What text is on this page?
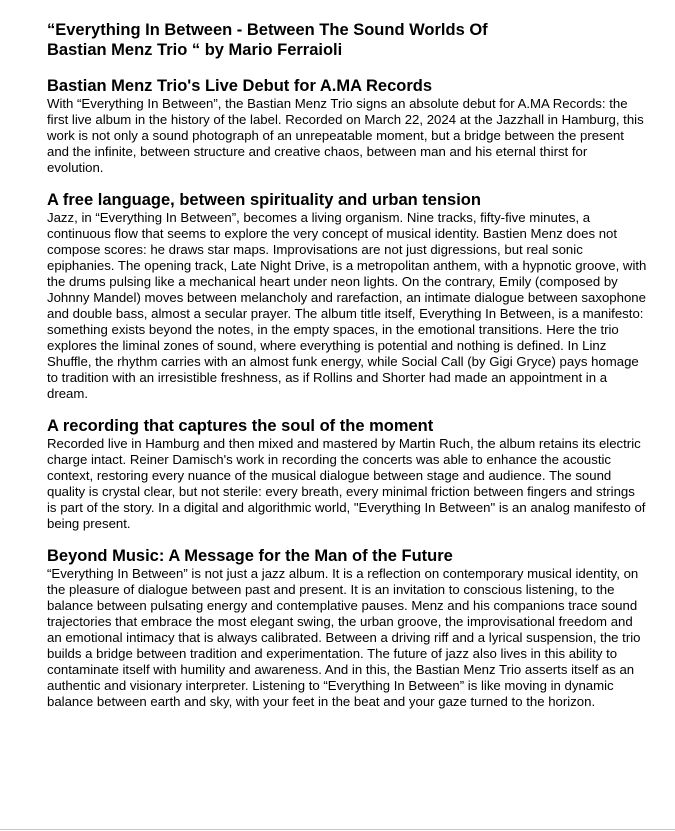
“Everything In Between - Between The Sound Worlds Of
Bastian Menz Trio “ by Mario Ferraioli
Bastian Menz Trio's Live Debut for A.MA Records

With “Everything In Between”, the Bastian Menz Trio signs an absolute debut for A.MA Records: the first live album in the history of the label. Recorded on March 22, 2024 at the Jazzhall in Hamburg, this work is not only a sound photograph of an unrepeatable moment, but a bridge between the present and the infinite, between structure and creative chaos, between man and his eternal thirst for evolution.

A free language, between spirituality and urban tension

Jazz, in “Everything In Between”, becomes a living organism. Nine tracks, fifty-five minutes, a continuous flow that seems to explore the very concept of musical identity. Bastien Menz does not compose scores: he draws star maps. Improvisations are not just digressions, but real sonic epiphanies. The opening track, Late Night Drive, is a metropolitan anthem, with a hypnotic groove, with the drums pulsing like a mechanical heart under neon lights. On the contrary, Emily (composed by Johnny Mandel) moves between melancholy and rarefaction, an intimate dialogue between saxophone and double bass, almost a secular prayer. The album title itself, Everything In Between, is a manifesto: something exists beyond the notes, in the empty spaces, in the emotional transitions. Here the trio explores the liminal zones of sound, where everything is potential and nothing is defined. In Linz Shuffle, the rhythm carries with an almost funk energy, while Social Call (by Gigi Gryce) pays homage to tradition with an irresistible freshness, as if Rollins and Shorter had made an appointment in a dream.

A recording that captures the soul of the moment

Recorded live in Hamburg and then mixed and mastered by Martin Ruch, the album retains its electric charge intact. Reiner Damisch's work in recording the concerts was able to enhance the acoustic context, restoring every nuance of the musical dialogue between stage and audience. The sound quality is crystal clear, but not sterile: every breath, every minimal friction between fingers and strings is part of the story. In a digital and algorithmic world, "Everything In Between" is an analog manifesto of being present.

Beyond Music: A Message for the Man of the Future

“Everything In Between” is not just a jazz album. It is a reflection on contemporary musical identity, on the pleasure of dialogue between past and present. It is an invitation to conscious listening, to the balance between pulsating energy and contemplative pauses. Menz and his companions trace sound trajectories that embrace the most elegant swing, the urban groove, the improvisational freedom and an emotional intimacy that is always calibrated. Between a driving riff and a lyrical suspension, the trio builds a bridge between tradition and experimentation. The future of jazz also lives in this ability to contaminate itself with humility and awareness. And in this, the Bastian Menz Trio asserts itself as an authentic and visionary interpreter. Listening to “Everything In Between” is like moving in dynamic balance between earth and sky, with your feet in the beat and your gaze turned to the horizon.
